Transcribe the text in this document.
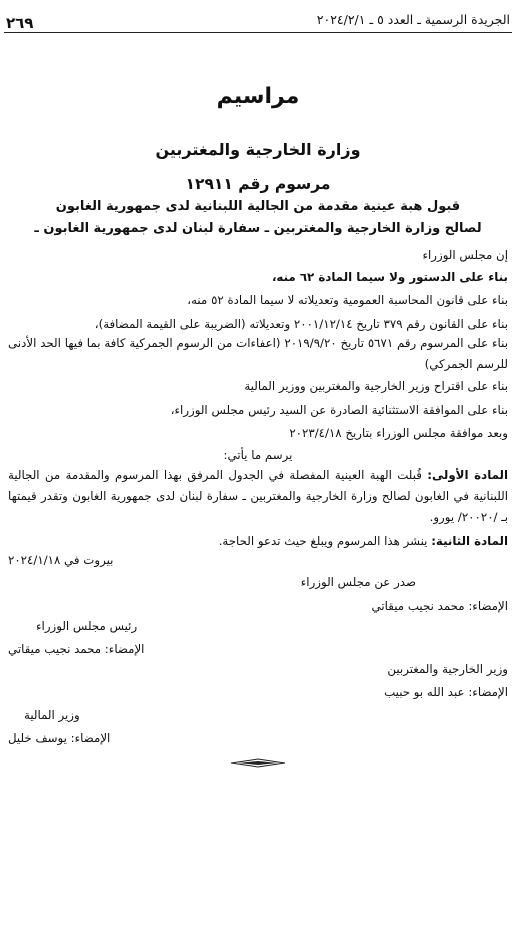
٢٦٩	الجريدة الرسمية ـ العدد ٥ ـ ٢٠٢٤/٢/١
مراسيم
وزارة الخارجية والمغتربين
مرسوم رقم ١٢٩١١
قبول هبة عينية مقدمة من الجالية اللبنانية لدى جمهورية الغابون
لصالح وزارة الخارجية والمغتربين ـ سفارة لبنان لدى جمهورية الغابون ـ
إن مجلس الوزراء
بناء على الدستور ولا سيما المادة ٦٢ منه،
بناء على قانون المحاسبة العمومية وتعديلاته لا سيما المادة ٥٢ منه،
بناء على القانون رقم ٣٧٩ تاريخ ٢٠٠١/١٢/١٤ وتعديلاته (الضريبة على القيمة المضافة)،
بناء على المرسوم رقم ٥٦٧١ تاريخ ٢٠١٩/٩/٢٠ (اعفاءات من الرسوم الجمركية كافة بما فيها الحد الأدنى للرسم الجمركي)
بناء على اقتراح وزير الخارجية والمغتربين ووزير المالية
بناء على الموافقة الاستثنائية الصادرة عن السيد رئيس مجلس الوزراء،
وبعد موافقة مجلس الوزراء بتاريخ ٢٠٢٣/٤/١٨
يرسم ما يأتي:
المادة الأولى: قُبلت الهبة العينية المفصلة في الجدول المرفق بهذا المرسوم والمقدمة من الجالية اللبنانية في الغابون لصالح وزارة الخارجية والمغتربين ـ سفارة لبنان لدى جمهورية الغابون وتقدر قيمتها بـ /٢٠٠٢٠/ يورو.
المادة الثانية: ينشر هذا المرسوم ويبلغ حيث تدعو الحاجة.
بيروت في ٢٠٢٤/١/١٨
صدر عن مجلس الوزراء
الإمضاء: محمد نجيب ميقاتي
رئيس مجلس الوزراء
الإمضاء: محمد نجيب ميقاتي
وزير الخارجية والمغتربين
الإمضاء: عبد الله بو حبيب
وزير المالية
الإمضاء: يوسف خليل
